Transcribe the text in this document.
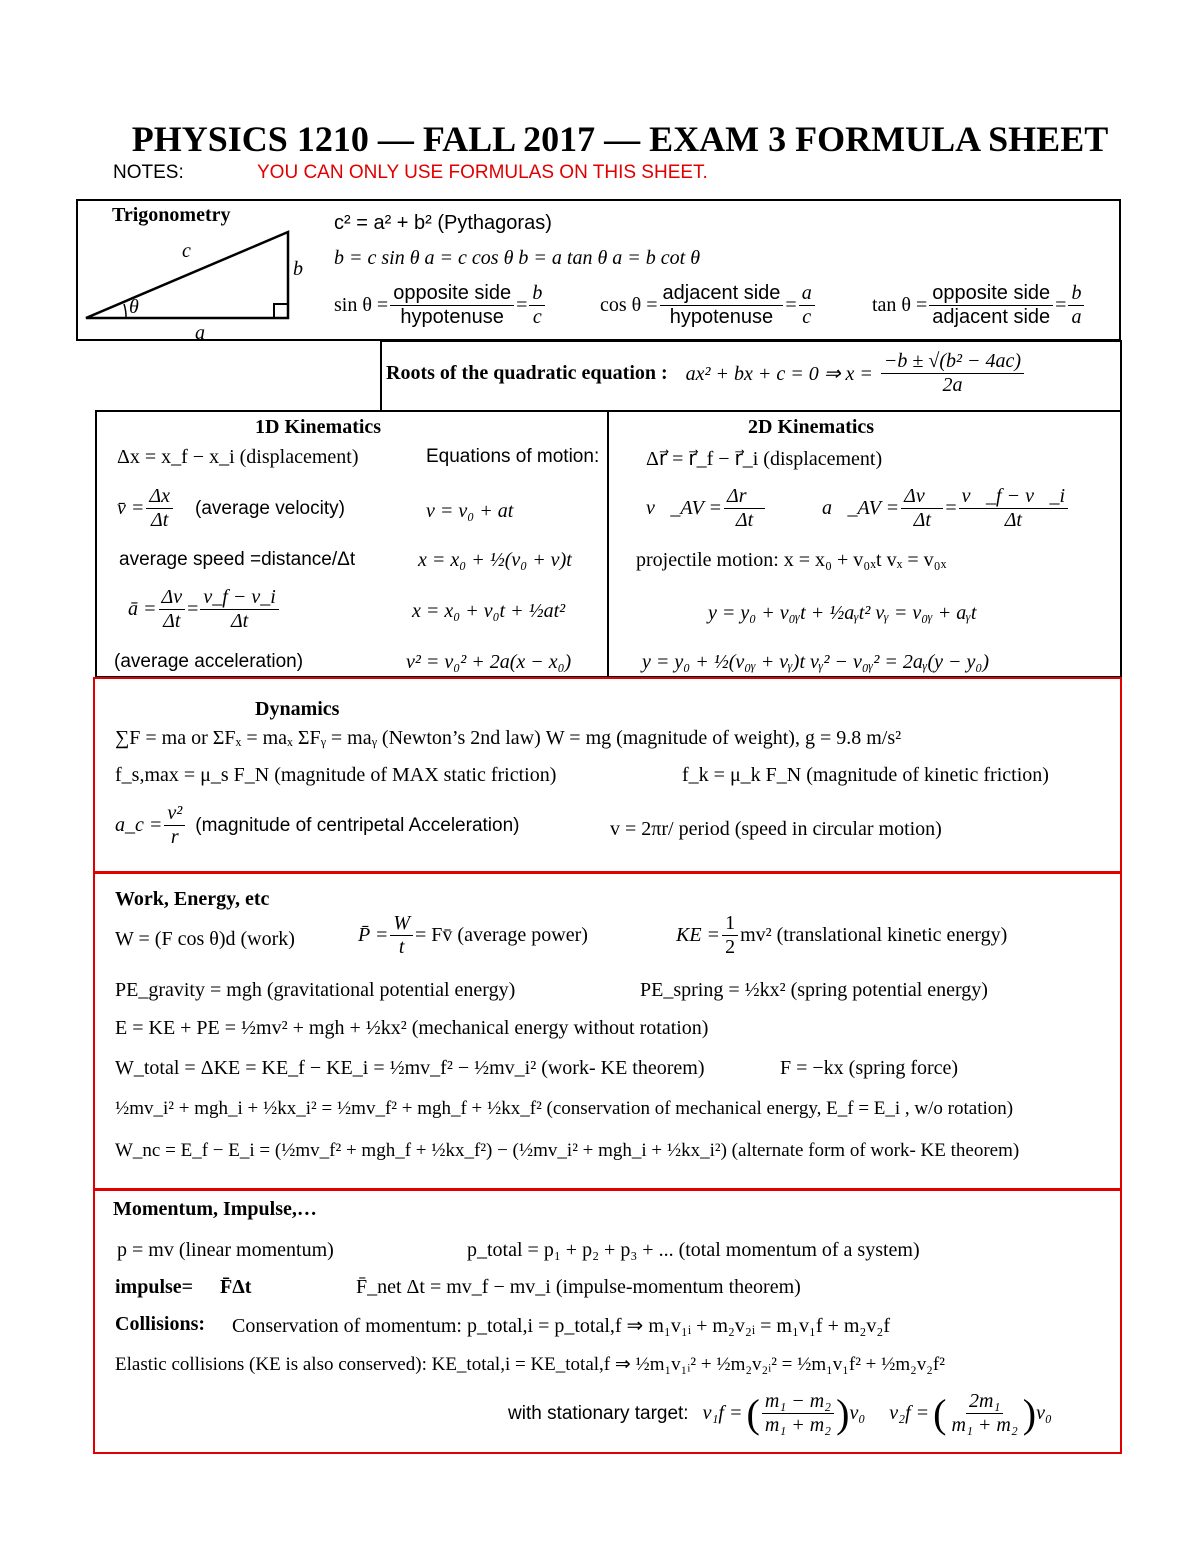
PHYSICS 1210 — FALL 2017 — EXAM 3 FORMULA SHEET
NOTES:	YOU CAN ONLY USE FORMULAS ON THIS SHEET.
Trigonometry
c
b
a
θ
c² = a² + b² (Pythagoras)
b = c sin θ a = c cos θ b = a tan θ a = b cot θ
$\sin \theta = \frac{\text{opposite side}}{\text{hypotenuse}} = \frac{b}{c}$	$\cos \theta = \frac{\text{adjacent side}}{\text{hypotenuse}} = \frac{a}{c}$	$\tan \theta = \frac{\text{opposite side}}{\text{adjacent side}} = \frac{b}{a}$
Roots of the quadratic equation : ax² + bx + c = 0 ⇒ $x = \frac{\text{−b ± √(b² − 4ac)}}{2a}$
1D Kinematics
Δx = x_f − x_i (displacement)	Equations of motion:
v̄ = $\frac{\Delta x}{\Delta t}$ (average velocity)	v = v₀ + at
average speed =distance/Δt	x = x₀ + ½(v₀ + v)t
ā = $\frac{\Delta v}{\Delta t} = \frac{v\_f - v\_i}{\Delta t}$	x = x₀ + v₀t + ½at²
(average acceleration)	v² = v₀² + 2a(x − x₀)
2D Kinematics
Δr⃗ = r⃗_f − r⃗_i (displacement)
v⃗_AV = $\frac{\Delta r⃗}{\Delta t}$	a⃗_AV = $\frac{\Delta v⃗}{\Delta t} = \frac{v⃗\_f - v⃗\_i}{\Delta t}$
projectile motion: x = x₀ + v₀ₓt vₓ = v₀ₓ
y = y₀ + v₀ᵧt + ½aᵧt² vᵧ = v₀ᵧ + aᵧt
y = y₀ + ½(v₀ᵧ + vᵧ)t vᵧ² − v₀ᵧ² = 2aᵧ(y − y₀)
Dynamics
∑F = ma or ΣFₓ = maₓ ΣFᵧ = maᵧ (Newton’s 2nd law) W = mg (magnitude of weight), g = 9.8 m/s²
f_s,max = μ_s F_N (magnitude of MAX static friction)	f_k = μ_k F_N (magnitude of kinetic friction)
a_c = $\frac{\text{v²}}{r}$ (magnitude of centripetal Acceleration)	v = 2πr/ period (speed in circular motion)
Work, Energy, etc
W = (F cos θ)d (work)	P̄ = $\frac{W}{t}$ = Fv̄ (average power)	KE = $\frac{1}{2} mv^2$ (translational kinetic energy)
PE_gravity = mgh (gravitational potential energy)	PE_spring = ½kx² (spring potential energy)
E = KE + PE = ½mv² + mgh + ½kx² (mechanical energy without rotation)
W_total = ΔKE = KE_f − KE_i = ½mv_f² − ½mv_i² (work- KE theorem)	F = −kx (spring force)
½mv_i² + mgh_i + ½kx_i² = ½mv_f² + mgh_f + ½kx_f² (conservation of mechanical energy, E_f = E_i , w/o rotation)
W_nc = E_f − E_i = (½mv_f² + mgh_f + ½kx_f²) − (½mv_i² + mgh_i + ½kx_i²) (alternate form of work- KE theorem)
Momentum, Impulse,…
p = mv (linear momentum)	p_total = p₁ + p₂ + p₃ + ... (total momentum of a system)
impulse= F̄Δt	F̄_net Δt = mv_f − mv_i (impulse-momentum theorem)
Collisions: Conservation of momentum: p_total,i = p_total,f ⇒ m₁v₁ᵢ + m₂v₂ᵢ = m₁v₁f + m₂v₂f
Elastic collisions (KE is also conserved): KE_total,i = KE_total,f ⇒ ½m₁v₁ᵢ² + ½m₂v₂ᵢ² = ½m₁v₁f² + ½m₂v₂f²
with stationary target: v₁f = ( $\frac{\text{m₁ − m₂}}{\text{m₁ + m₂}}$ ) v₀ v₂f = ( $\frac{\text{2m₁}}{\text{m₁ + m₂}}$ ) v₀
